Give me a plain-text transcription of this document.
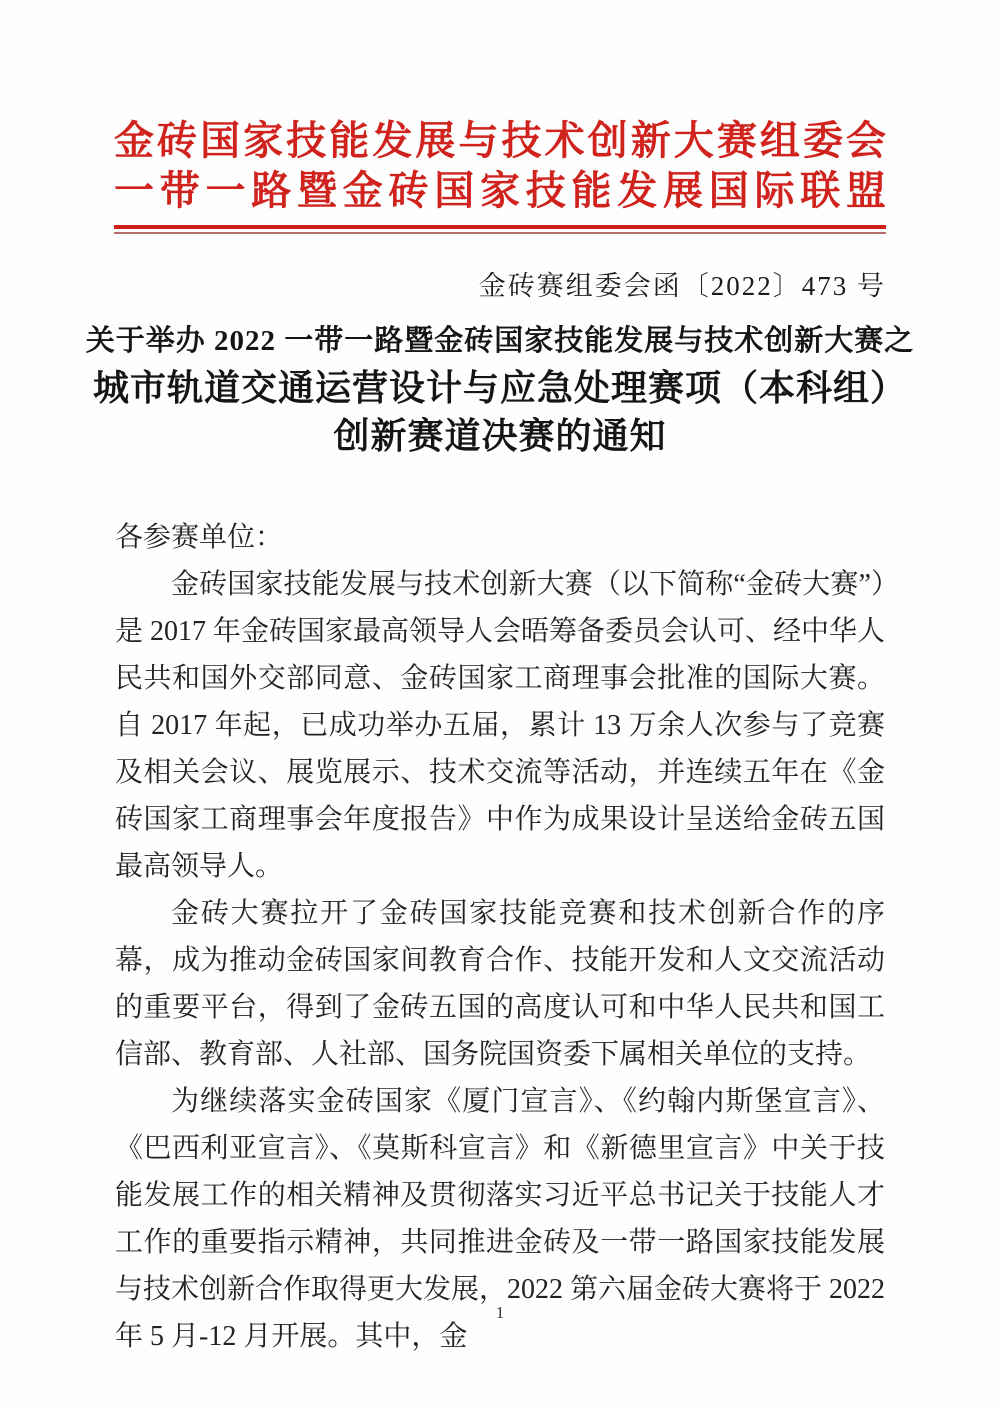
金砖国家技能发展与技术创新大赛组委会
一带一路暨金砖国家技能发展国际联盟
金砖赛组委会函〔2022〕473 号
关于举办 2022 一带一路暨金砖国家技能发展与技术创新大赛之
城市轨道交通运营设计与应急处理赛项（本科组）
创新赛道决赛的通知
各参赛单位：

金砖国家技能发展与技术创新大赛（以下简称“金砖大赛”）是 2017 年金砖国家最高领导人会晤筹备委员会认可、经中华人民共和国外交部同意、金砖国家工商理事会批准的国际大赛。自 2017 年起，已成功举办五届，累计 13 万余人次参与了竞赛及相关会议、展览展示、技术交流等活动，并连续五年在《金砖国家工商理事会年度报告》中作为成果设计呈送给金砖五国最高领导人。

金砖大赛拉开了金砖国家技能竞赛和技术创新合作的序幕，成为推动金砖国家间教育合作、技能开发和人文交流活动的重要平台，得到了金砖五国的高度认可和中华人民共和国工信部、教育部、人社部、国务院国资委下属相关单位的支持。

为继续落实金砖国家《厦门宣言》、《约翰内斯堡宣言》、《巴西利亚宣言》、《莫斯科宣言》和《新德里宣言》中关于技能发展工作的相关精神及贯彻落实习近平总书记关于技能人才工作的重要指示精神，共同推进金砖及一带一路国家技能发展与技术创新合作取得更大发展，2022 第六届金砖大赛将于 2022 年 5 月-12 月开展。其中，金

1
